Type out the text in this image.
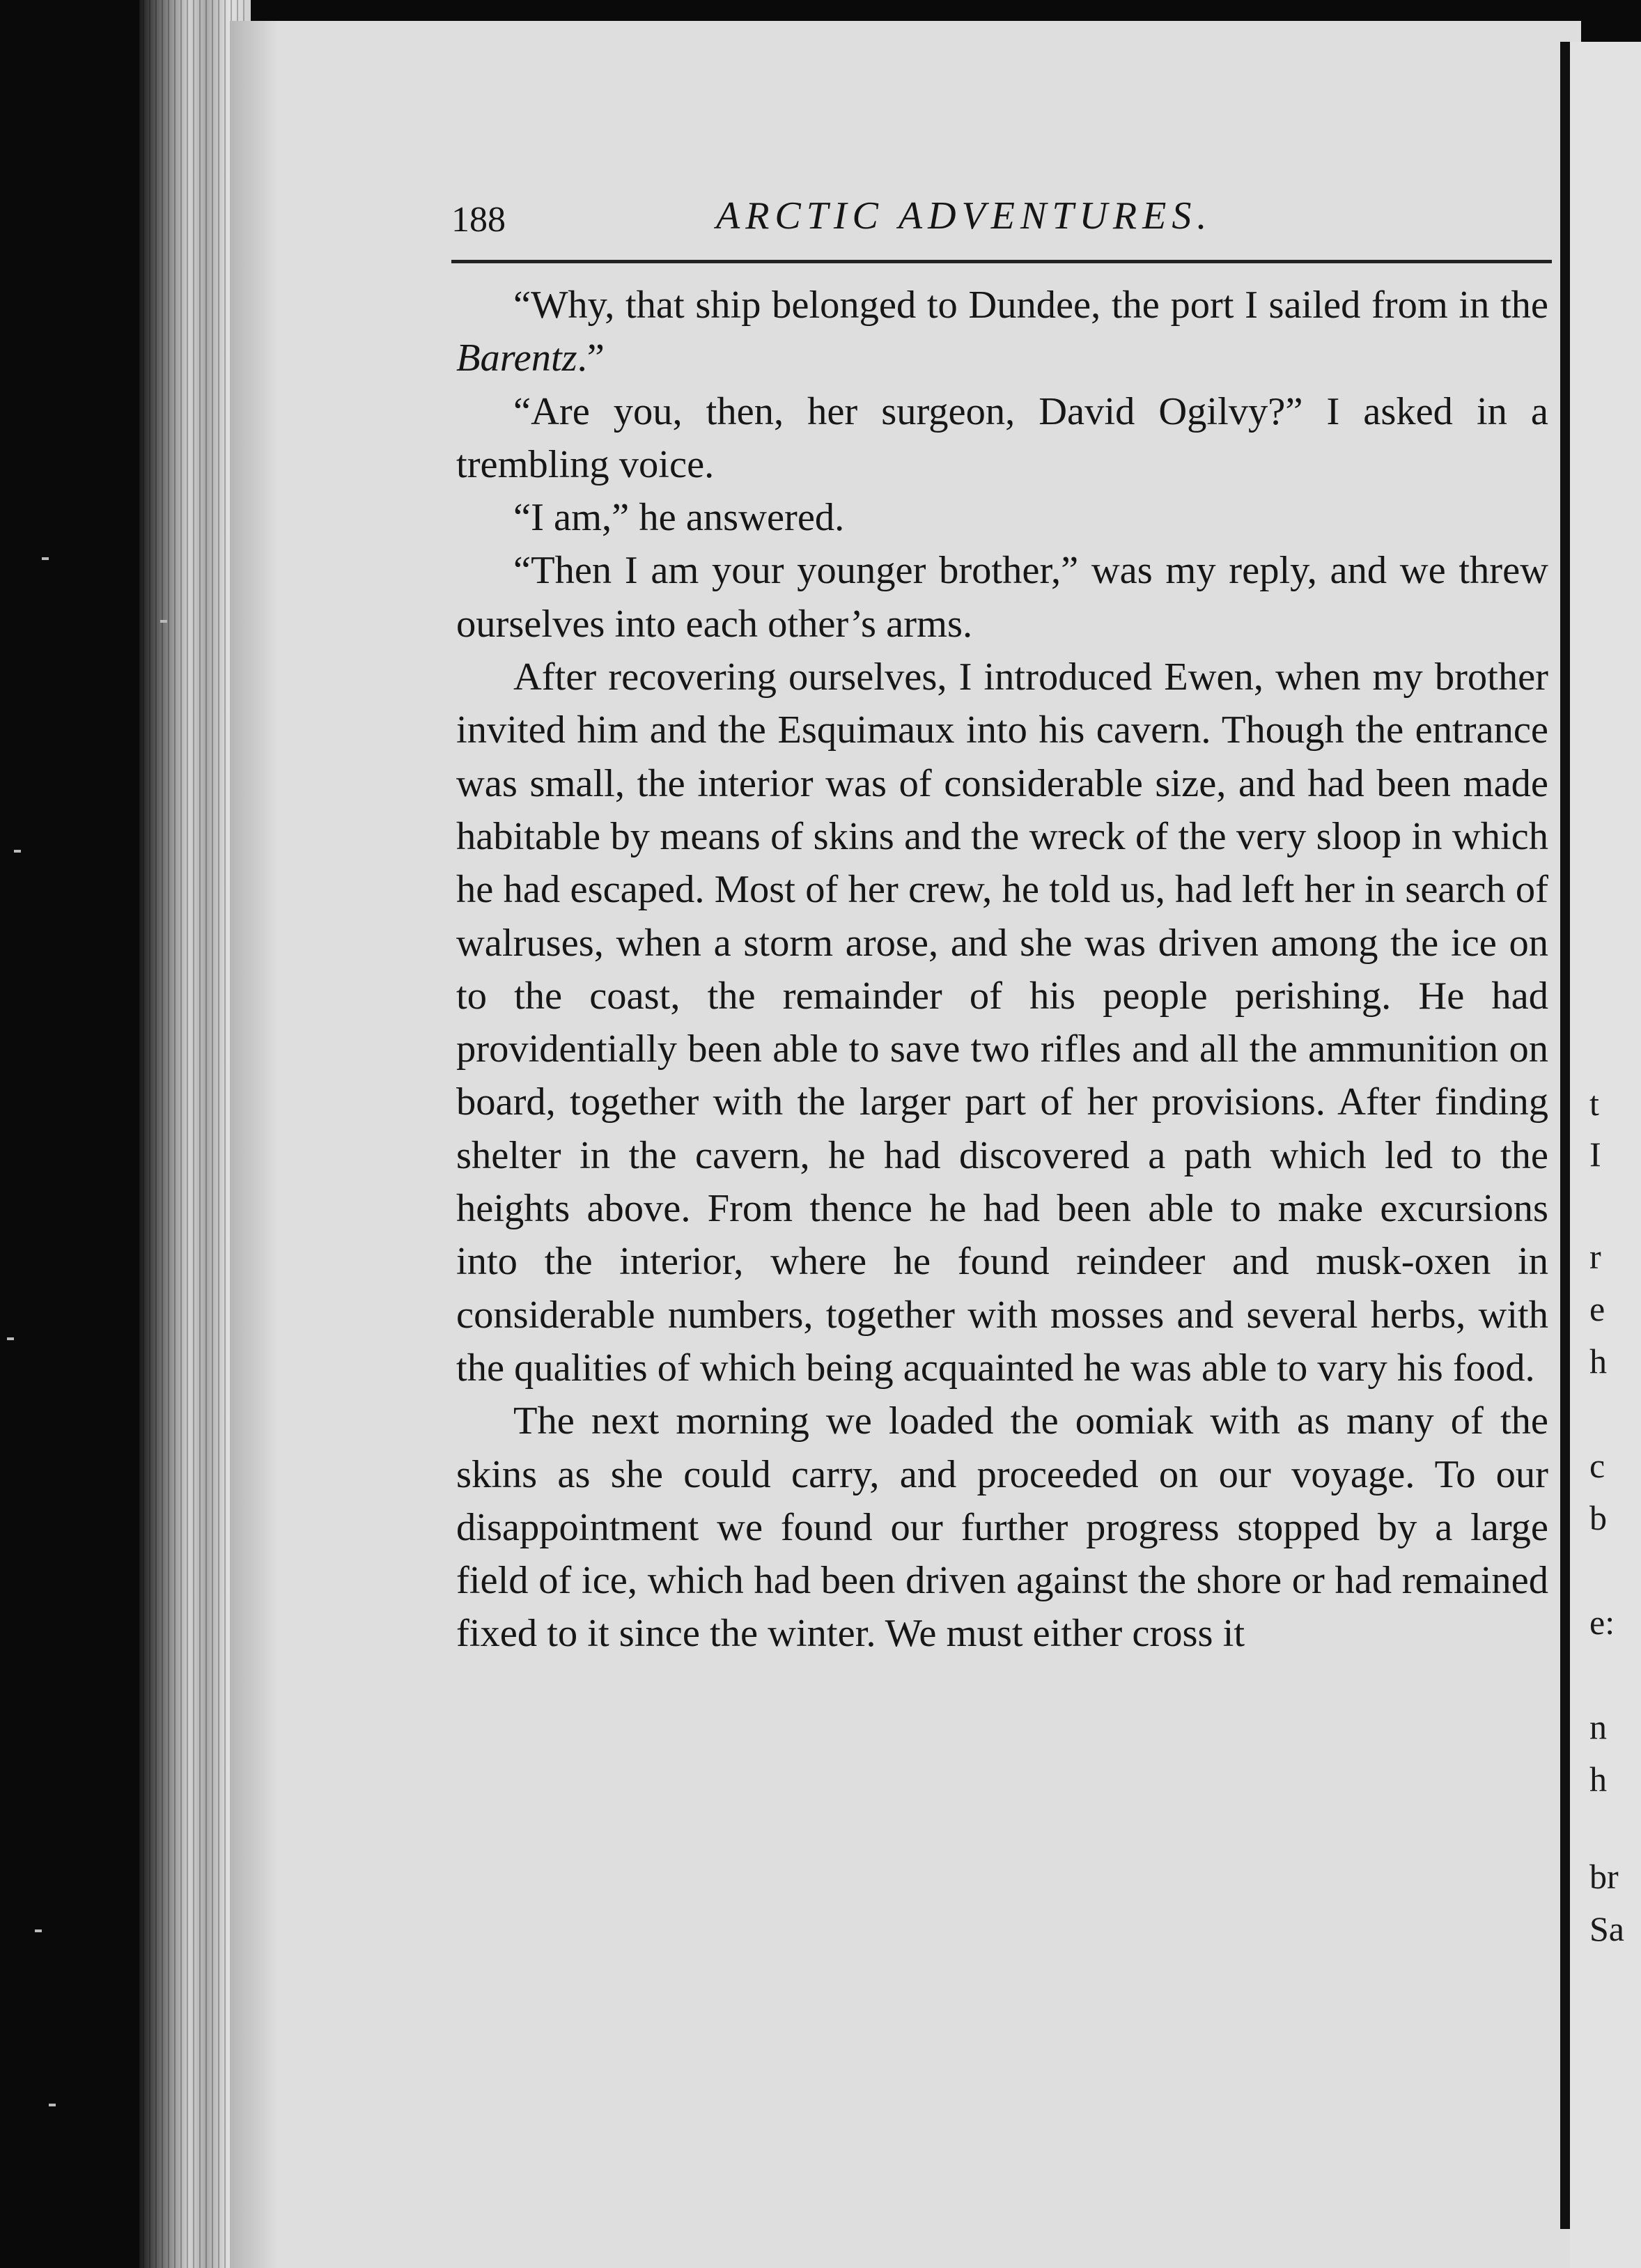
188	ARCTIC ADVENTURES.

“Why, that ship belonged to Dundee, the port I sailed from in the Barentz.”

“Are you, then, her surgeon, David Ogilvy?” I asked in a trembling voice.

“I am,” he answered.

“Then I am your younger brother,” was my reply, and we threw ourselves into each other’s arms.

After recovering ourselves, I introduced Ewen, when my brother invited him and the Esquimaux into his cavern. Though the entrance was small, the interior was of considerable size, and had been made habitable by means of skins and the wreck of the very sloop in which he had escaped. Most of her crew, he told us, had left her in search of walruses, when a storm arose, and she was driven among the ice on to the coast, the remainder of his people perishing. He had providentially been able to save two rifles and all the ammunition on board, together with the larger part of her provisions. After finding shelter in the cavern, he had discovered a path which led to the heights above. From thence he had been able to make excursions into the interior, where he found reindeer and musk-oxen in considerable numbers, together with mosses and several herbs, with the qualities of which being acquainted he was able to vary his food.

The next morning we loaded the oomiak with as many of the skins as she could carry, and proceeded on our voyage. To our disappointment we found our further progress stopped by a large field of ice, which had been driven against the shore or had remained fixed to it since the winter. We must either cross it

t
I
r
e
h
c
b
e:
n
h
br
Sa
